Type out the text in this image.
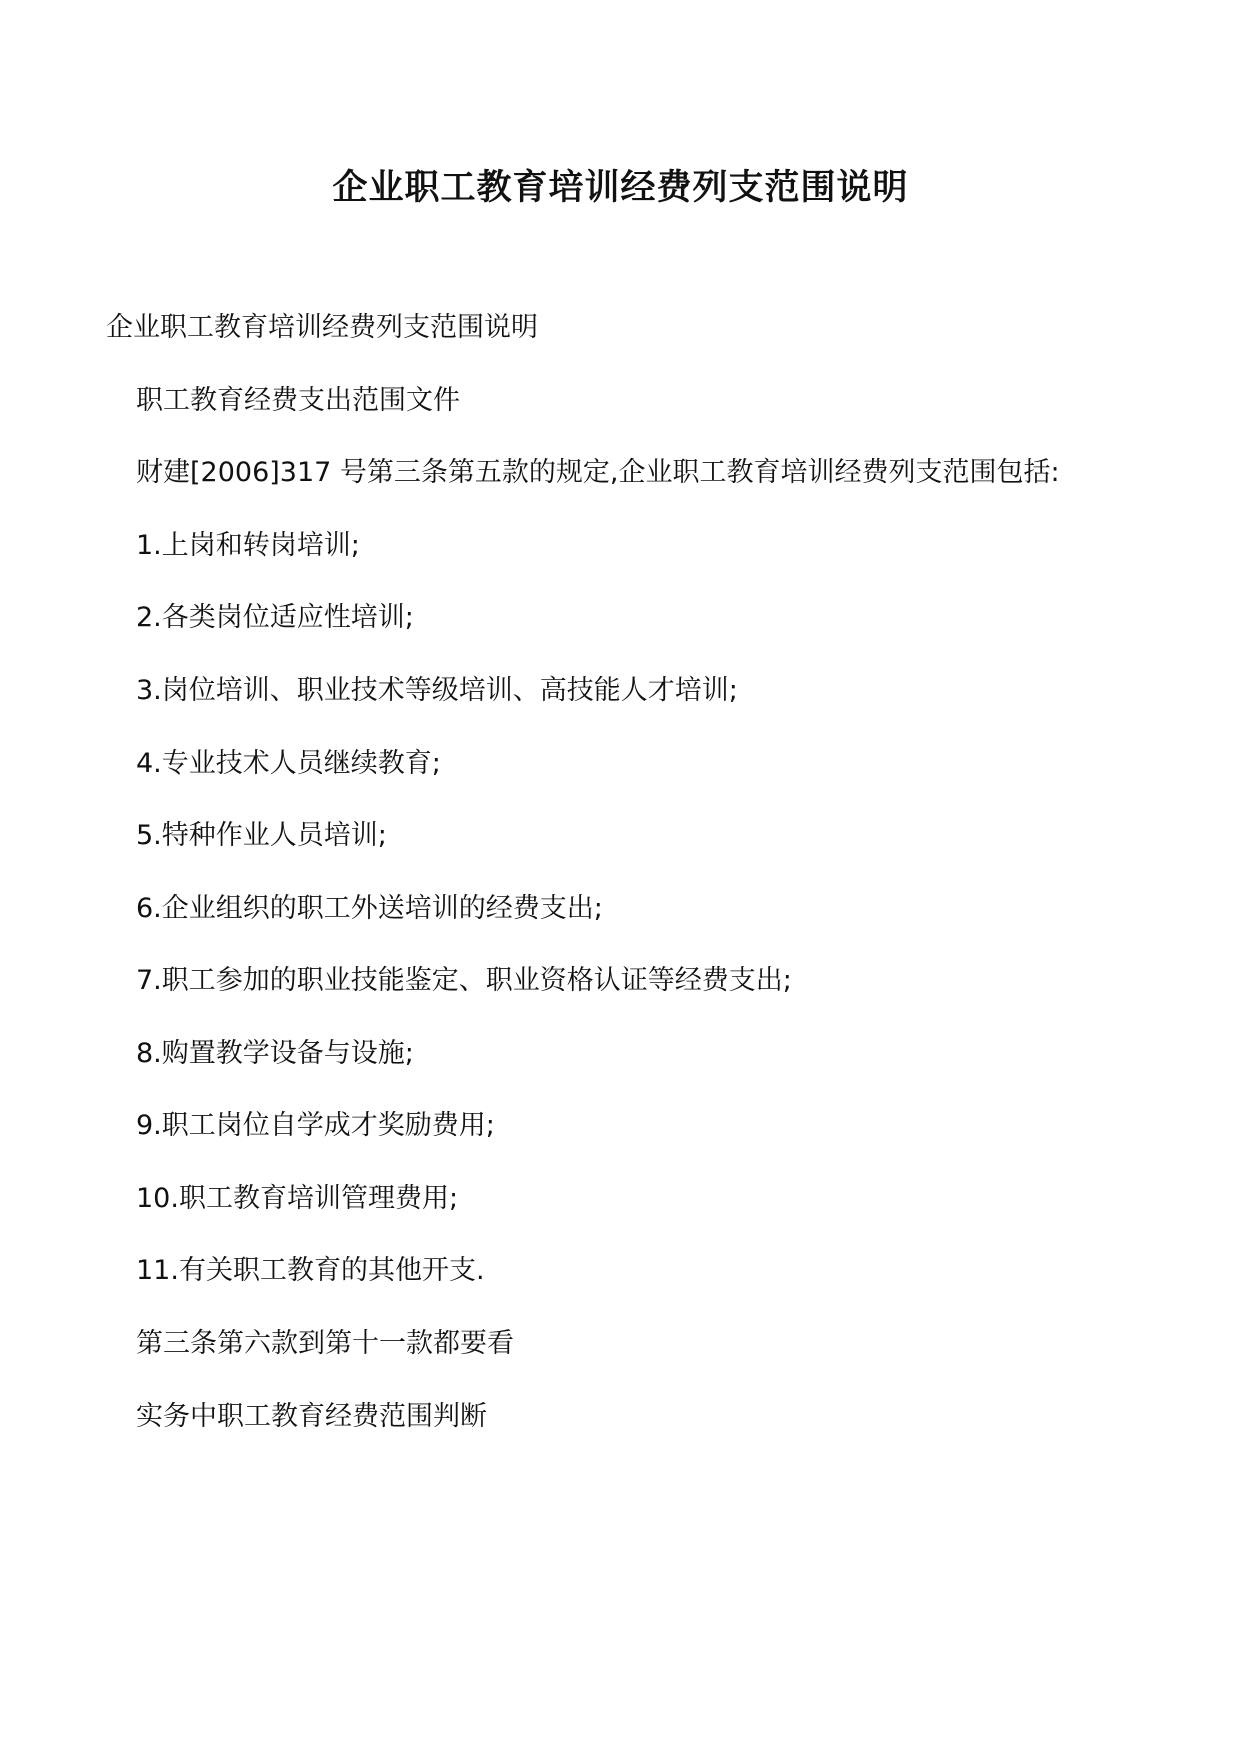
企业职工教育培训经费列支范围说明
企业职工教育培训经费列支范围说明
职工教育经费支出范围文件
财建[2006]317 号第三条第五款的规定,企业职工教育培训经费列支范围包括:
1.上岗和转岗培训;
2.各类岗位适应性培训;
3.岗位培训、职业技术等级培训、高技能人才培训;
4.专业技术人员继续教育;
5.特种作业人员培训;
6.企业组织的职工外送培训的经费支出;
7.职工参加的职业技能鉴定、职业资格认证等经费支出;
8.购置教学设备与设施;
9.职工岗位自学成才奖励费用;
10.职工教育培训管理费用;
11.有关职工教育的其他开支.
第三条第六款到第十一款都要看
实务中职工教育经费范围判断
